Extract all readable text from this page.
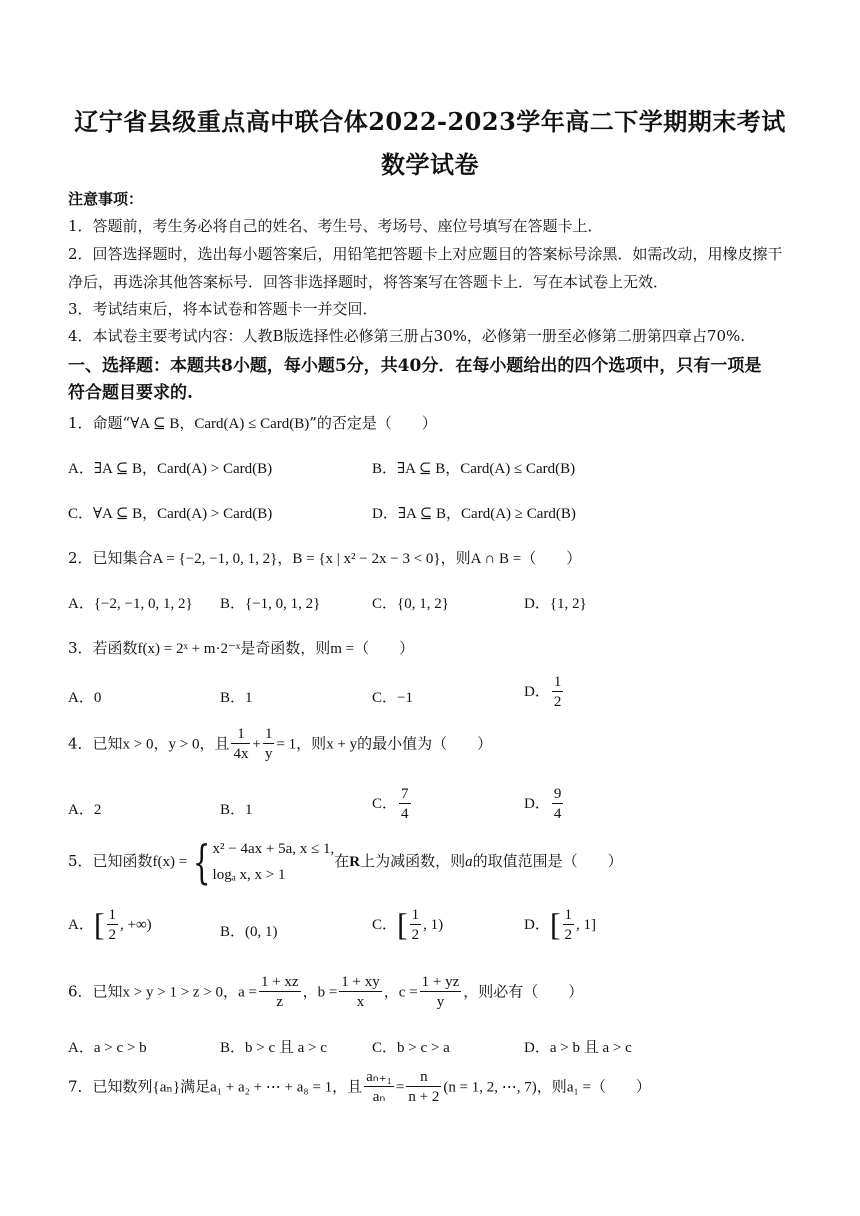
辽宁省县级重点高中联合体2022-2023学年高二下学期期末考试
数学试卷
注意事项：
1．答题前，考生务必将自己的姓名、考生号、考场号、座位号填写在答题卡上．
2．回答选择题时，选出每小题答案后，用铅笔把答题卡上对应题目的答案标号涂黑．如需改动，用橡皮擦干
净后，再选涂其他答案标号．回答非选择题时，将答案写在答题卡上．写在本试卷上无效．
3．考试结束后，将本试卷和答题卡一并交回．
4．本试卷主要考试内容：人教B版选择性必修第三册占30%，必修第一册至必修第二册第四章占70%.
一、选择题：本题共8小题，每小题5分，共40分．在每小题给出的四个选项中，只有一项是
符合题目要求的.
1．命题“∀A ⊆ B，Card(A) ≤ Card(B)”的否定是（　　）
A．∃A ⊆ B，Card(A) > Card(B)	B．∃A ⊆ B，Card(A) ≤ Card(B)
C．∀A ⊆ B，Card(A) > Card(B)	D．∃A ⊆ B，Card(A) ≥ Card(B)
2．已知集合A = {−2, −1, 0, 1, 2}，B = {x | x² − 2x − 3 < 0}，则A ∩ B =（　　）
A．{−2, −1, 0, 1, 2} B．{−1, 0, 1, 2}	C．{0, 1, 2}	D．{1, 2}
3．若函数f(x) = 2ˣ + m·2⁻ˣ是奇函数，则m =（　　）
A．0	B．1	C．−1	D． $\frac{1}{2}$
4．已知x > 0，y > 0，且 $\frac{1}{4x} + \frac{1}{y} = 1$，则x + y的最小值为（　　）
A．2	B．1	C． $\frac{7}{4}$	D． $\frac{9}{4}$
5．已知函数f(x) = { x² − 4ax + 5a, x ≤ 1,
logₐ x, x > 1
在R上为减函数，则a的取值范围是（　　）
A．[ $\frac{1}{2}$ , +∞)	B．(0, 1)	C．[ $\frac{1}{2}$ , 1)	D．[ $\frac{1}{2}$ , 1]
6．已知x > y > 1 > z > 0，$a = \frac{1 + xz}{z}$ ，$b = \frac{1 + xy}{x}$ ，$c = \frac{1 + yz}{y}$ ，则必有（　　）
A．a > c > b	B．b > c 且 a > c	C．b > c > a	D．a > b 且 a > c
7．已知数列{aₙ}满足a₁ + a₂ + ⋯ + a₈ = 1，且 $\frac{\text{aₙ₊₁}}{\text{aₙ}} = \frac{n}{n + 2} (n = 1$, 2, ⋯, 7)，则a₁ =（　　）
